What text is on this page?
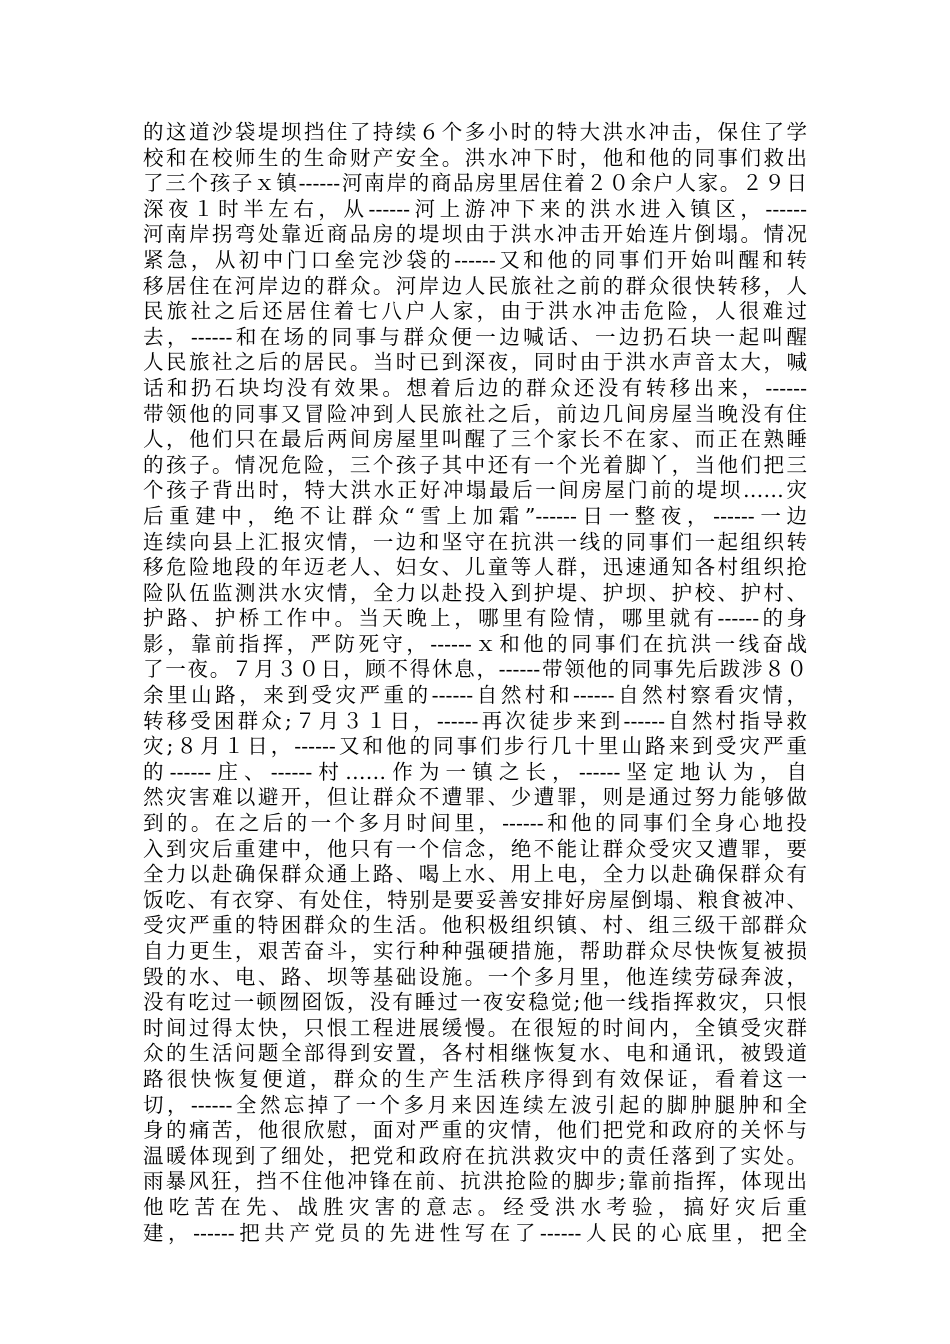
的这道沙袋堤坝挡住了持续６个多小时的特大洪水冲击，保住了学
校和在校师生的生命财产安全。洪水冲下时，他和他的同事们救出
了三个孩子ｘ镇------河南岸的商品房里居住着２０余户人家。２９日
深夜１时半左右，从------河上游冲下来的洪水进入镇区，------
河南岸拐弯处靠近商品房的堤坝由于洪水冲击开始连片倒塌。情况
紧急，从初中门口垒完沙袋的------又和他的同事们开始叫醒和转
移居住在河岸边的群众。河岸边人民旅社之前的群众很快转移，人
民旅社之后还居住着七八户人家，由于洪水冲击危险，人很难过
去，------和在场的同事与群众便一边喊话、一边扔石块一起叫醒
人民旅社之后的居民。当时已到深夜，同时由于洪水声音太大，喊
话和扔石块均没有效果。想着后边的群众还没有转移出来，------
带领他的同事又冒险冲到人民旅社之后，前边几间房屋当晚没有住
人，他们只在最后两间房屋里叫醒了三个家长不在家、而正在熟睡
的孩子。情况危险，三个孩子其中还有一个光着脚丫，当他们把三
个孩子背出时，特大洪水正好冲塌最后一间房屋门前的堤坝……灾
后重建中，绝不让群众“雪上加霜”------日一整夜，------一边
连续向县上汇报灾情，一边和坚守在抗洪一线的同事们一起组织转
移危险地段的年迈老人、妇女、儿童等人群，迅速通知各村组织抢
险队伍监测洪水灾情，全力以赴投入到护堤、护坝、护校、护村、
护路、护桥工作中。当天晚上，哪里有险情，哪里就有------的身
影，靠前指挥，严防死守，------ｘ和他的同事们在抗洪一线奋战
了一夜。７月３０日，顾不得休息，------带领他的同事先后跋涉８０
余里山路，来到受灾严重的------自然村和------自然村察看灾情，
转移受困群众;７月３１日，------再次徒步来到------自然村指导救
灾;８月１日，------又和他的同事们步行几十里山路来到受灾严重
的------庄、------村……作为一镇之长，------坚定地认为，自
然灾害难以避开，但让群众不遭罪、少遭罪，则是通过努力能够做
到的。在之后的一个多月时间里，------和他的同事们全身心地投
入到灾后重建中，他只有一个信念，绝不能让群众受灾又遭罪，要
全力以赴确保群众通上路、喝上水、用上电，全力以赴确保群众有
饭吃、有衣穿、有处住，特别是要妥善安排好房屋倒塌、粮食被冲、
受灾严重的特困群众的生活。他积极组织镇、村、组三级干部群众
自力更生，艰苦奋斗，实行种种强硬措施，帮助群众尽快恢复被损
毁的水、电、路、坝等基础设施。一个多月里，他连续劳碌奔波，
没有吃过一顿囫囵饭，没有睡过一夜安稳觉;他一线指挥救灾，只恨
时间过得太快，只恨工程进展缓慢。在很短的时间内，全镇受灾群
众的生活问题全部得到安置，各村相继恢复水、电和通讯，被毁道
路很快恢复便道，群众的生产生活秩序得到有效保证，看着这一
切，------全然忘掉了一个多月来因连续左波引起的脚肿腿肿和全
身的痛苦，他很欣慰，面对严重的灾情，他们把党和政府的关怀与
温暖体现到了细处，把党和政府在抗洪救灾中的责任落到了实处。
雨暴风狂，挡不住他冲锋在前、抗洪抢险的脚步;靠前指挥，体现出
他吃苦在先、战胜灾害的意志。经受洪水考验，搞好灾后重
建，------把共产党员的先进性写在了------人民的心底里，把全
